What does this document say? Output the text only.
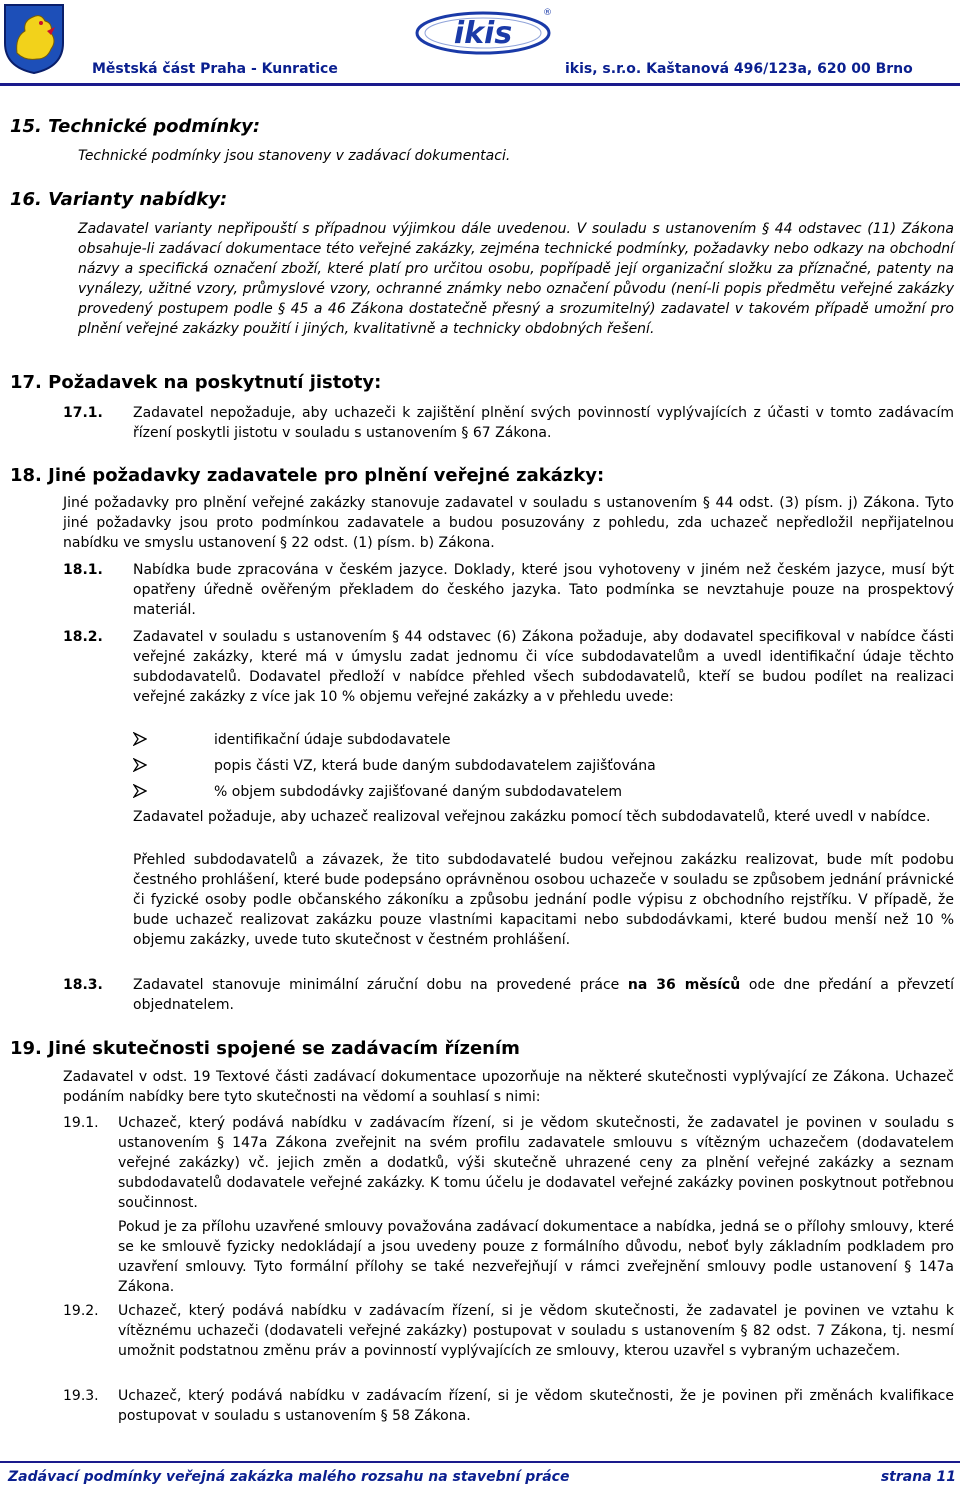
ikis
®
Městská část Praha - Kunratice	ikis, s.r.o. Kaštanová 496/123a, 620 00 Brno
15. Technické podmínky:
Technické podmínky jsou stanoveny v zadávací dokumentaci.
16. Varianty nabídky:
Zadavatel varianty nepřipouští s případnou výjimkou dále uvedenou. V souladu s ustanovením § 44 odstavec (11) Zákona obsahuje-li zadávací dokumentace této veřejné zakázky, zejména technické podmínky, požadavky nebo odkazy na obchodní názvy a specifická označení zboží, které platí pro určitou osobu, popřípadě její organizační složku za příznačné, patenty na vynálezy, užitné vzory, průmyslové vzory, ochranné známky nebo označení původu (není-li popis předmětu veřejné zakázky provedený postupem podle § 45 a 46 Zákona dostatečně přesný a srozumitelný) zadavatel v takovém případě umožní pro plnění veřejné zakázky použití i jiných, kvalitativně a technicky obdobných řešení.
17. Požadavek na poskytnutí jistoty:
17.1. Zadavatel nepožaduje, aby uchazeči k zajištění plnění svých povinností vyplývajících z účasti v tomto zadávacím řízení poskytli jistotu v souladu s ustanovením § 67 Zákona.
18. Jiné požadavky zadavatele pro plnění veřejné zakázky:
Jiné požadavky pro plnění veřejné zakázky stanovuje zadavatel v souladu s ustanovením § 44 odst. (3) písm. j) Zákona. Tyto jiné požadavky jsou proto podmínkou zadavatele a budou posuzovány z pohledu, zda uchazeč nepředložil nepřijatelnou nabídku ve smyslu ustanovení § 22 odst. (1) písm. b) Zákona.
18.1. Nabídka bude zpracována v českém jazyce. Doklady, které jsou vyhotoveny v jiném než českém jazyce, musí být opatřeny úředně ověřeným překladem do českého jazyka. Tato podmínka se nevztahuje pouze na prospektový materiál.
18.2. Zadavatel v souladu s ustanovením § 44 odstavec (6) Zákona požaduje, aby dodavatel specifikoval v nabídce části veřejné zakázky, které má v úmyslu zadat jednomu či více subdodavatelům a uvedl identifikační údaje těchto subdodavatelů. Dodavatel předloží v nabídce přehled všech subdodavatelů, kteří se budou podílet na realizaci veřejné zakázky z více jak 10 % objemu veřejné zakázky a v přehledu uvede:
identifikační údaje subdodavatele
popis části VZ, která bude daným subdodavatelem zajišťována
% objem subdodávky zajišťované daným subdodavatelem
Zadavatel požaduje, aby uchazeč realizoval veřejnou zakázku pomocí těch subdodavatelů, které uvedl v nabídce.
Přehled subdodavatelů a závazek, že tito subdodavatelé budou veřejnou zakázku realizovat, bude mít podobu čestného prohlášení, které bude podepsáno oprávněnou osobou uchazeče v souladu se způsobem jednání právnické či fyzické osoby podle občanského zákoníku a způsobu jednání podle výpisu z obchodního rejstříku. V případě, že bude uchazeč realizovat zakázku pouze vlastními kapacitami nebo subdodávkami, které budou menší než 10 % objemu zakázky, uvede tuto skutečnost v čestném prohlášení.
18.3. Zadavatel stanovuje minimální záruční dobu na provedené práce na 36 měsíců ode dne předání a převzetí objednatelem.
19. Jiné skutečnosti spojené se zadávacím řízením
Zadavatel v odst. 19 Textové části zadávací dokumentace upozorňuje na některé skutečnosti vyplývající ze Zákona. Uchazeč podáním nabídky bere tyto skutečnosti na vědomí a souhlasí s nimi:
19.1. Uchazeč, který podává nabídku v zadávacím řízení, si je vědom skutečnosti, že zadavatel je povinen v souladu s ustanovením § 147a Zákona zveřejnit na svém profilu zadavatele smlouvu s vítězným uchazečem (dodavatelem veřejné zakázky) vč. jejich změn a dodatků, výši skutečně uhrazené ceny za plnění veřejné zakázky a seznam subdodavatelů dodavatele veřejné zakázky. K tomu účelu je dodavatel veřejné zakázky povinen poskytnout potřebnou součinnost.
Pokud je za přílohu uzavřené smlouvy považována zadávací dokumentace a nabídka, jedná se o přílohy smlouvy, které se ke smlouvě fyzicky nedokládají a jsou uvedeny pouze z formálního důvodu, neboť byly základním podkladem pro uzavření smlouvy. Tyto formální přílohy se také nezveřejňují v rámci zveřejnění smlouvy podle ustanovení § 147a Zákona.
19.2. Uchazeč, který podává nabídku v zadávacím řízení, si je vědom skutečnosti, že zadavatel je povinen ve vztahu k vítěznému uchazeči (dodavateli veřejné zakázky) postupovat v souladu s ustanovením § 82 odst. 7 Zákona, tj. nesmí umožnit podstatnou změnu práv a povinností vyplývajících ze smlouvy, kterou uzavřel s vybraným uchazečem.
19.3. Uchazeč, který podává nabídku v zadávacím řízení, si je vědom skutečnosti, že je povinen při změnách kvalifikace postupovat v souladu s ustanovením § 58 Zákona.
Zadávací podmínky veřejná zakázka malého rozsahu na stavební práce	strana 11
